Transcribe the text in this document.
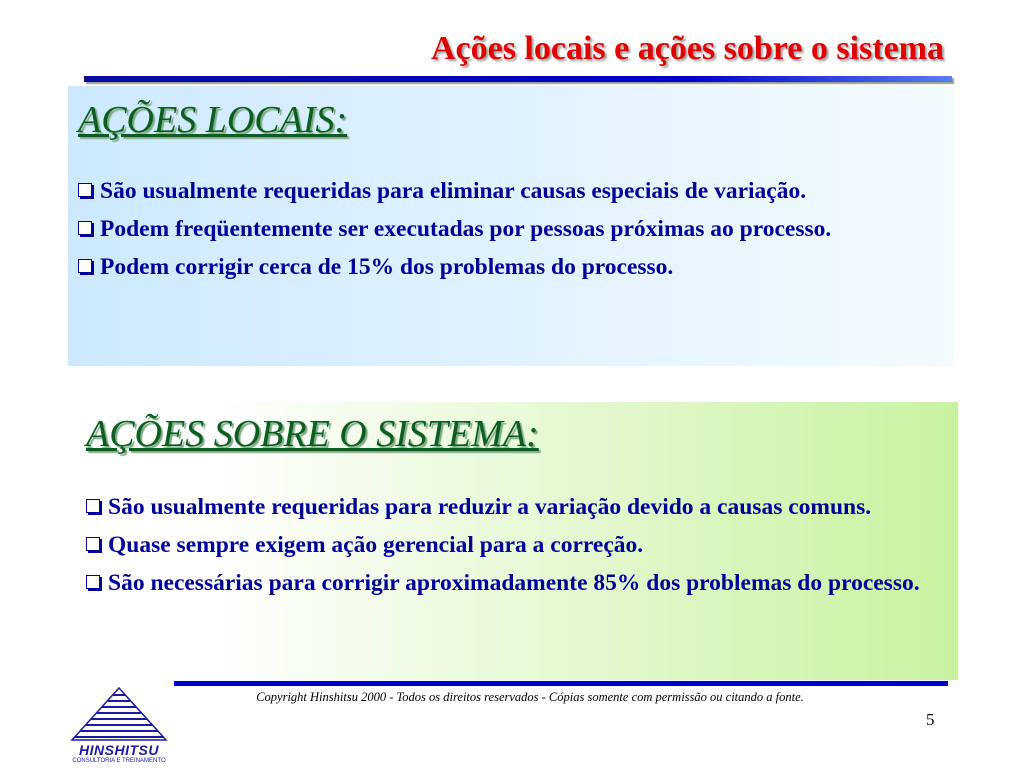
Ações locais e ações sobre o sistema
AÇÕES LOCAIS:
São usualmente requeridas para eliminar causas especiais de variação.
Podem freqüentemente ser executadas por pessoas próximas ao processo.
Podem corrigir cerca de 15% dos problemas do processo.
AÇÕES SOBRE O SISTEMA:
São usualmente requeridas para reduzir a variação devido a causas comuns.
Quase sempre exigem ação gerencial para a correção.
São necessárias para corrigir aproximadamente 85% dos problemas do processo.
Copyright Hinshitsu 2000 - Todos os direitos reservados - Cópias somente com permissão ou citando a fonte.
5
HINSHITSU
CONSULTORIA E TREINAMENTO
